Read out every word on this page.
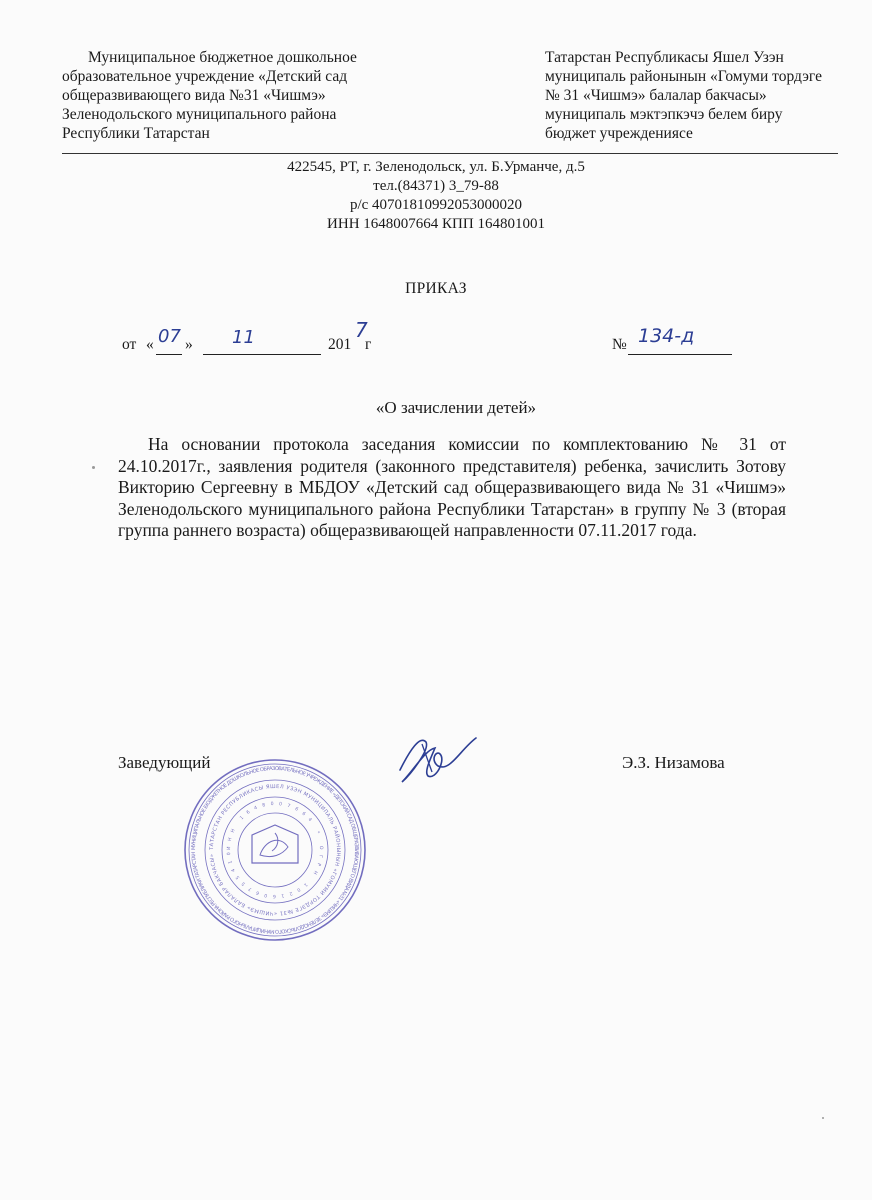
Муниципальное бюджетное дошкольное
образовательное учреждение «Детский сад
общеразвивающего вида №31 «Чишмэ»
Зеленодольского муниципального района
Республики Татарстан
Татарстан Республикасы Яшел Узэн
муниципаль районынын «Гомуми тордэге
№ 31 «Чишмэ» балалар бакчасы»
муниципаль мэктэпкэчэ белем биру
бюджет учреждениясе
422545, РТ, г. Зеленодольск, ул. Б.Урманче, д.5
тел.(84371) 3_79-88
р/с 40701810992053000020
ИНН 1648007664 КПП 164801001
ПРИКАЗ
от « 07 » 11	201
7
г	№ 134-д
«О зачислении детей»

На основании протокола заседания комиссии по комплектованию № 31 от 24.10.2017г., заявления родителя (законного представителя) ребенка, зачислить Зотову Викторию Сергеевну в МБДОУ «Детский сад общеразвивающего вида № 31 «Чишмэ» Зеленодольского муниципального района Республики Татарстан» в группу № 3 (вторая группа раннего возраста) общеразвивающей направленности 07.11.2017 года.

Заведующий	Э.З. Низамова
МУНИЦИПАЛЬНОЕ БЮДЖЕТНОЕ ДОШКОЛЬНОЕ ОБРАЗОВАТЕЛЬНОЕ УЧРЕЖДЕНИЕ «ДЕТСКИЙ САД ОБЩЕРАЗВИВАЮЩЕГО ВИДА №31 «ЧИШМЭ» ЗЕЛЕНОДОЛЬСКОГО МУНИЦИПАЛЬНОГО РАЙОНА РЕСПУБЛИКИ ТАТАРСТАН
ТАТАРСТАН РЕСПУБЛИКАСЫ ЯШЕЛ УЗЭН МУНИЦИПАЛЬ РАЙОНЫНЫН «ГОМУМИ ТОРДЭГЕ №31 «ЧИШМЭ» БАЛАЛАР БАКЧАСЫ»
ИНН 1648007664 * ОГРН 1021606755410
